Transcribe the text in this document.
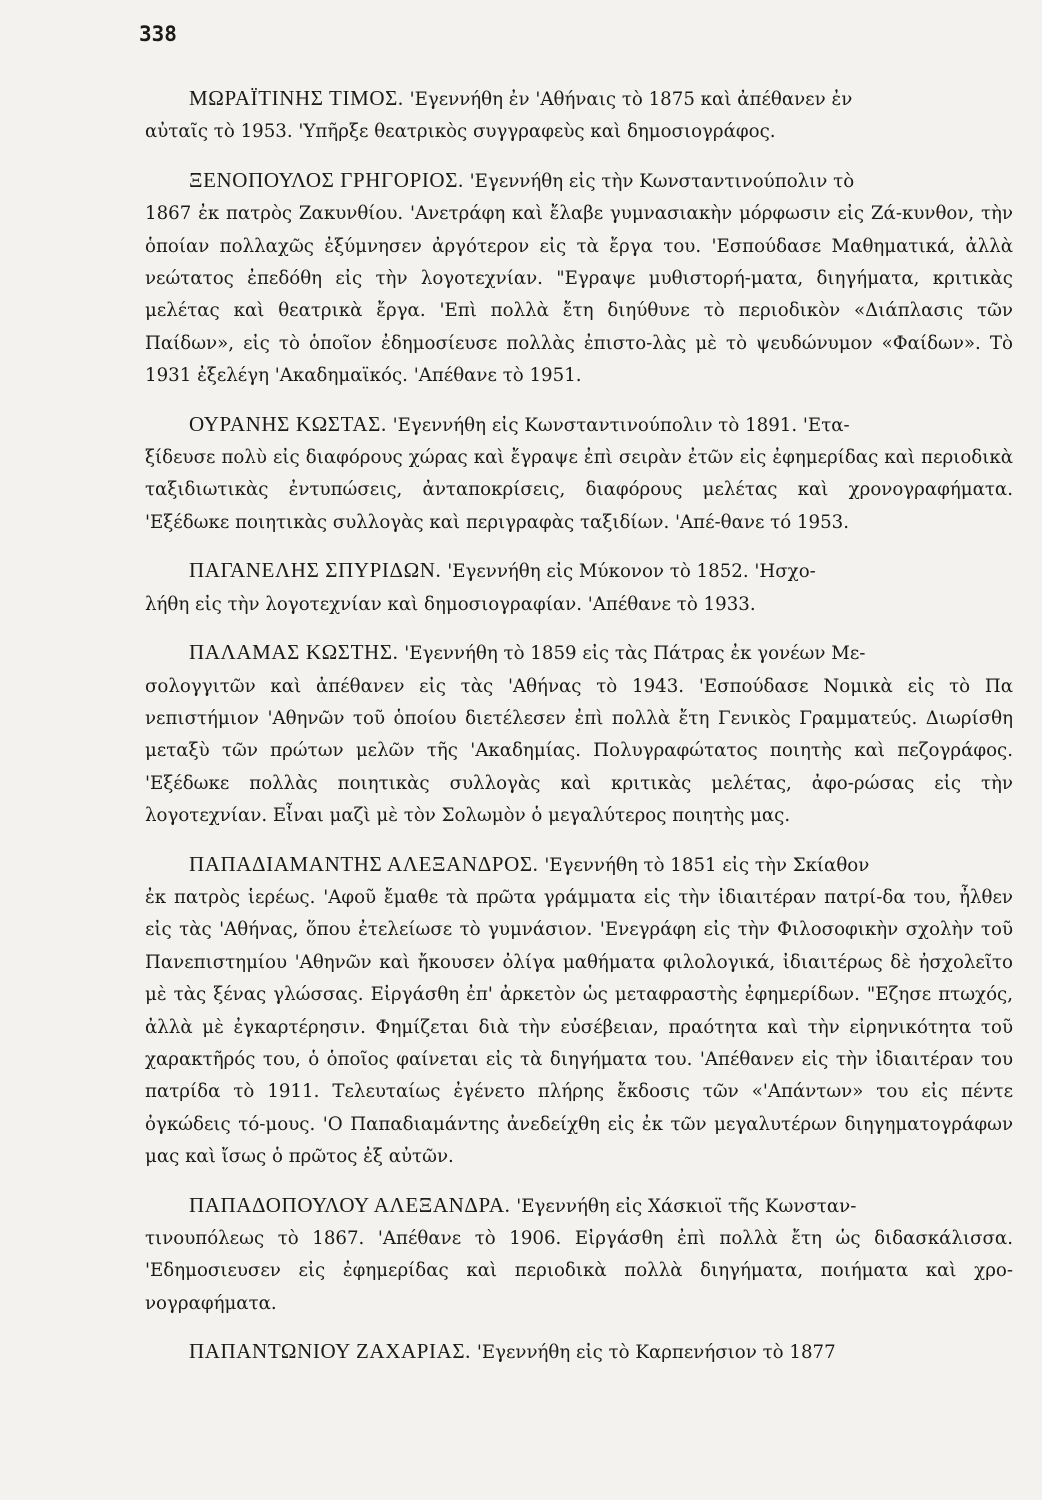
338
ΜΩΡΑΪΤΙΝΗΣ ΤΙΜΟΣ. 'Εγεννήθη ἐν 'Αθήναις τὸ 1875 καὶ ἀπέθανεν ἐν
αὐταῖς τὸ 1953. 'Υπῆρξε θεατρικὸς συγγραφεὺς καὶ δημοσιογράφος.
ΞΕΝΟΠΟΥΛΟΣ ΓΡΗΓΟΡΙΟΣ. 'Εγεννήθη εἰς τὴν Κωνσταντινούπολιν τὸ
1867 ἐκ πατρὸς Ζακυνθίου. 'Ανετράφη καὶ ἔλαβε γυμνασιακὴν μόρφωσιν εἰς Ζά-κυνθον, τὴν ὁποίαν πολλαχῶς ἐξύμνησεν ἀργότερον εἰς τὰ ἔργα του. 'Εσπούδασε Μαθηματικά, ἀλλὰ νεώτατος ἐπεδόθη εἰς τὴν λογοτεχνίαν. "Εγραψε μυθιστορή-ματα, διηγήματα, κριτικὰς μελέτας καὶ θεατρικὰ ἔργα. 'Επὶ πολλὰ ἔτη διηύθυνε τὸ περιοδικὸν «Διάπλασις τῶν Παίδων», εἰς τὸ ὁποῖον ἐδημοσίευσε πολλὰς ἐπιστο-λὰς μὲ τὸ ψευδώνυμον «Φαίδων». Τὸ 1931 ἐξελέγη 'Ακαδημαϊκός. 'Απέθανε τὸ 1951.
ΟΥΡΑΝΗΣ ΚΩΣΤΑΣ. 'Εγεννήθη εἰς Κωνσταντινούπολιν τὸ 1891. 'Ετα-
ξίδευσε πολὺ εἰς διαφόρους χώρας καὶ ἔγραψε ἐπὶ σειρὰν ἐτῶν εἰς ἐφημερίδας καὶ περιοδικὰ ταξιδιωτικὰς ἐντυπώσεις, ἀνταποκρίσεις, διαφόρους μελέτας καὶ χρονογραφήματα. 'Εξέδωκε ποιητικὰς συλλογὰς καὶ περιγραφὰς ταξιδίων. 'Απέ-θανε τό 1953.
ΠΑΓΑΝΕΛΗΣ ΣΠΥΡΙΔΩΝ. 'Εγεννήθη εἰς Μύκονον τὸ 1852. 'Ησχο-
λήθη εἰς τὴν λογοτεχνίαν καὶ δημοσιογραφίαν. 'Απέθανε τὸ 1933.
ΠΑΛΑΜΑΣ ΚΩΣΤΗΣ. 'Εγεννήθη τὸ 1859 εἰς τὰς Πάτρας ἐκ γονέων Με-
σολογγιτῶν καὶ ἀπέθανεν εἰς τὰς 'Αθήνας τὸ 1943. 'Εσπούδασε Νομικὰ εἰς τὸ Πα νεπιστήμιον 'Αθηνῶν τοῦ ὁποίου διετέλεσεν ἐπὶ πολλὰ ἔτη Γενικὸς Γραμματεύς. Διωρίσθη μεταξὺ τῶν πρώτων μελῶν τῆς 'Ακαδημίας. Πολυγραφώτατος ποιητὴς καὶ πεζογράφος. 'Εξέδωκε πολλὰς ποιητικὰς συλλογὰς καὶ κριτικὰς μελέτας, ἀφο-ρώσας εἰς τὴν λογοτεχνίαν. Εἶναι μαζὶ μὲ τὸν Σολωμὸν ὁ μεγαλύτερος ποιητὴς μας.
ΠΑΠΑΔΙΑΜΑΝΤΗΣ ΑΛΕΞΑΝΔΡΟΣ. 'Εγεννήθη τὸ 1851 εἰς τὴν Σκίαθον
ἐκ πατρὸς ἱερέως. 'Αφοῦ ἔμαθε τὰ πρῶτα γράμματα εἰς τὴν ἰδιαιτέραν πατρί-δα του, ἦλθεν εἰς τὰς 'Αθήνας, ὅπου ἐτελείωσε τὸ γυμνάσιον. 'Ενεγράφη εἰς τὴν Φιλοσοφικὴν σχολὴν τοῦ Πανεπιστημίου 'Αθηνῶν καὶ ἤκουσεν ὀλίγα μαθήματα φιλολογικά, ἰδιαιτέρως δὲ ἠσχολεῖτο μὲ τὰς ξένας γλώσσας. Εἰργάσθη ἐπ' ἀρκετὸν ὡς μεταφραστὴς ἐφημερίδων. "Εζησε πτωχός, ἀλλὰ μὲ ἐγκαρτέρησιν. Φημίζεται διὰ τὴν εὐσέβειαν, πραότητα καὶ τὴν εἰρηνικότητα τοῦ χαρακτῆρός του, ὁ ὁποῖος φαίνεται εἰς τὰ διηγήματα του. 'Απέθανεν εἰς τὴν ἰδιαιτέραν του πατρίδα τὸ 1911. Τελευταίως ἐγένετο πλήρης ἔκδοσις τῶν «'Απάντων» του εἰς πέντε ὀγκώδεις τό-μους. 'Ο Παπαδιαμάντης ἀνεδείχθη εἰς ἐκ τῶν μεγαλυτέρων διηγηματογράφων μας καὶ ἴσως ὁ πρῶτος ἐξ αὐτῶν.
ΠΑΠΑΔΟΠΟΥΛΟΥ ΑΛΕΞΑΝΔΡΑ. 'Εγεννήθη εἰς Χάσκιοϊ τῆς Κωνσταν-
τινουπόλεως τὸ 1867. 'Απέθανε τὸ 1906. Εἰργάσθη ἐπὶ πολλὰ ἔτη ὡς διδασκάλισσα. 'Εδημοσιευσεν εἰς ἐφημερίδας καὶ περιοδικὰ πολλὰ διηγήματα, ποιήματα καὶ χρο-νογραφήματα.
ΠΑΠΑΝΤΩΝΙΟΥ ΖΑΧΑΡΙΑΣ. 'Εγεννήθη εἰς τὸ Καρπενήσιον τὸ 1877
